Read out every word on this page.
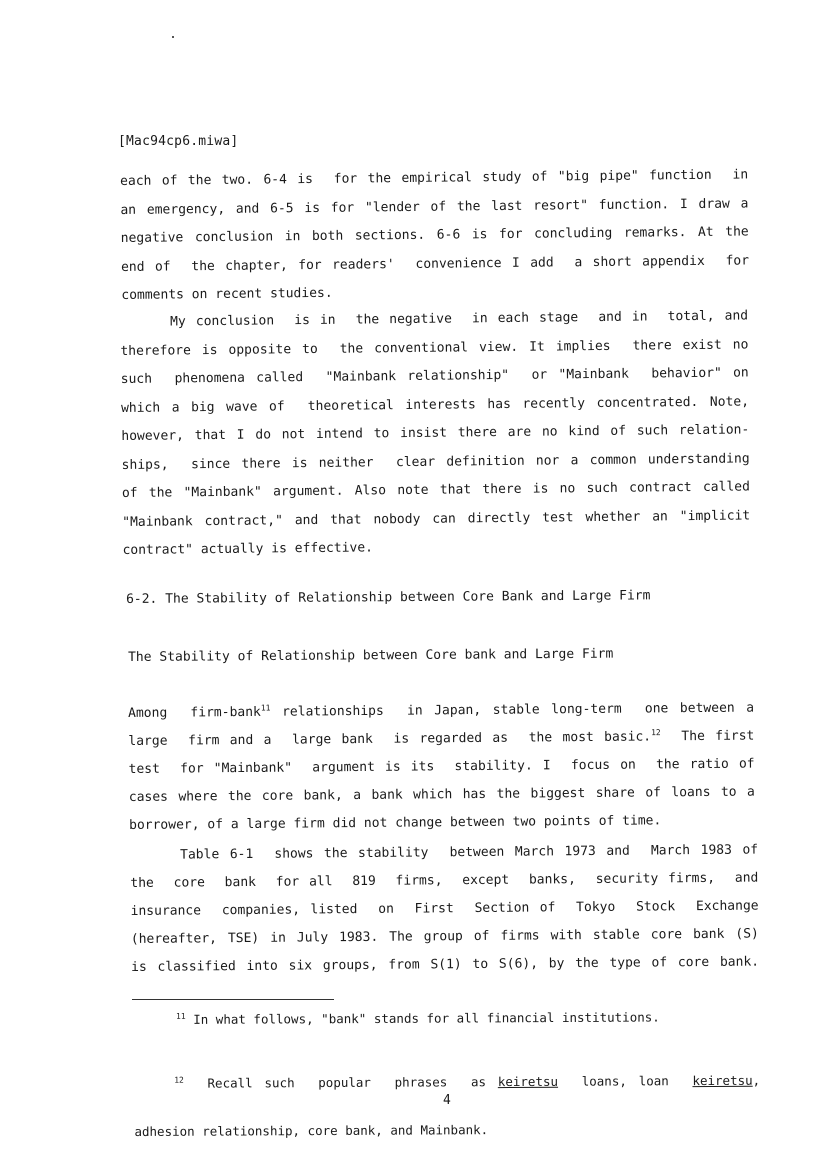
[Mac94cp6.miwa]
each of the two. 6-4 is  for the empirical study of "big pipe" function  in
an emergency, and 6-5 is for "lender of the last resort" function. I draw a
negative conclusion in both sections. 6-6 is for concluding remarks. At the
end of  the chapter, for readers'  convenience I add  a short appendix  for
comments on recent studies.
My conclusion  is in  the negative  in each stage  and in  total, and
therefore is opposite to  the conventional view. It implies  there exist no
such  phenomena called  "Mainbank relationship"  or "Mainbank  behavior" on
which a big wave of  theoretical interests has recently concentrated. Note,
however, that I do not intend to insist there are no kind of such relation-
ships,  since there is neither  clear definition nor a common understanding
of the "Mainbank" argument. Also note that there is no such contract called
"Mainbank contract," and that nobody can directly test whether an "implicit
contract" actually is effective.
6-2. The Stability of Relationship between Core Bank and Large Firm
The Stability of Relationship between Core bank and Large Firm
Among  firm-bank$^{11}$ relationships  in Japan, stable long-term  one between a
large  firm and a  large bank  is regarded as  the most basic.$^{12}$  The first
test  for "Mainbank"  argument is its  stability. I  focus on  the ratio of
cases where the core bank, a bank which has the biggest share of loans to a
borrower, of a large firm did not change between two points of time.
Table 6-1  shows the stability  between March 1973 and  March 1983 of
the  core  bank  for all  819  firms,  except  banks,  security firms,  and
insurance  companies, listed  on  First  Section of  Tokyo  Stock  Exchange
(hereafter, TSE) in July 1983. The group of firms with stable core bank (S)
is classified into six groups, from S(1) to S(6), by the type of core bank.
$^{11}$ In what follows, "bank" stands for all financial institutions.

$^{12}$  Recall such  popular  phrases  as keiretsu  loans, loan  keiretsu,

adhesion relationship, core bank, and Mainbank.

4
